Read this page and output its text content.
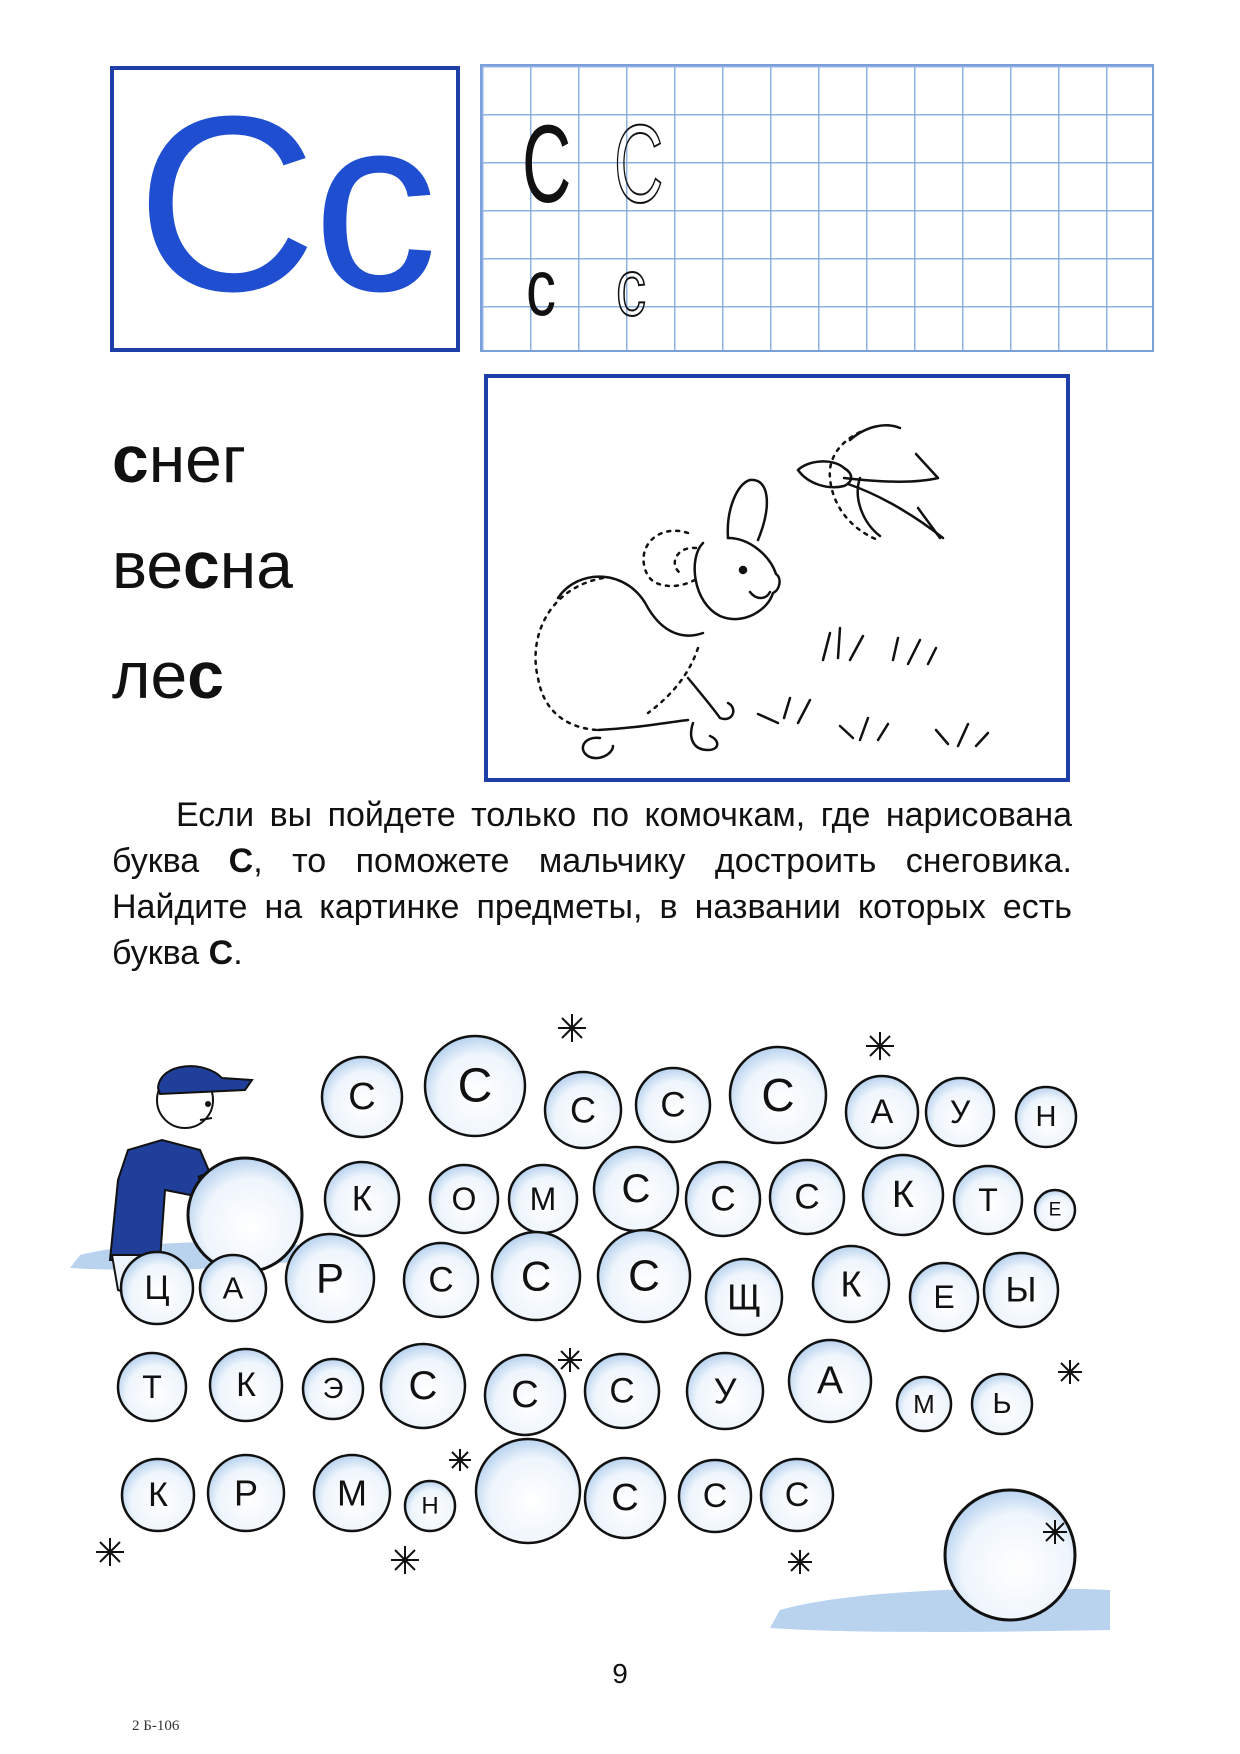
Cc С С
с с
снег
весна
лес
Если вы пойдете только по комочкам, где нарисована буква С, то поможете мальчику достроить снеговика. Найдите на картинке предметы, в названии которых есть буква С.
С С С С С А У Н
К О М С С С К Т	Е
Ц А Р С С С Щ К Е Ы
Т К Э С С С У А
М Ь
К Р М Н	С С С
9
2 Б-106
